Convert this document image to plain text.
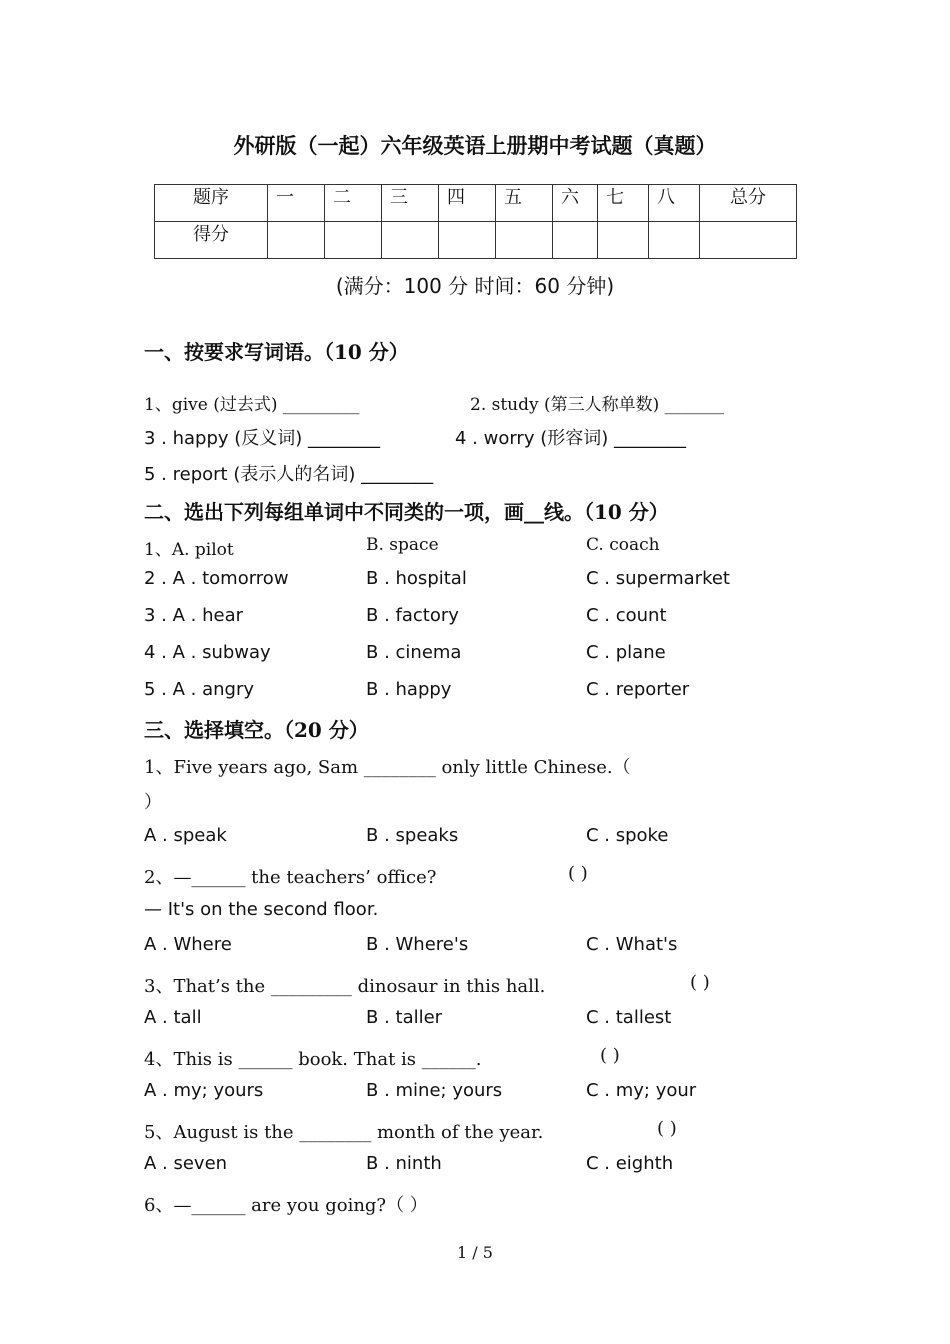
外研版（一起）六年级英语上册期中考试题（真题）
题序	一	二	三	四	五	六	七	八	总分
得分									
(满分：100 分 时间：60 分钟)
一、按要求写词语。（10 分）
1、give (过去式) _________	2. study (第三人称单数) _______
3 . happy (反义词) ________	4 . worry (形容词) ________
5 . report (表示人的名词) ________
二、选出下列每组单词中不同类的一项，画__线。（10 分）
1、A. pilot	B. space	C. coach
2 . A . tomorrow	B . hospital	C . supermarket
3 . A . hear	B . factory	C . count
4 . A . subway	B . cinema	C . plane
5 . A . angry	B . happy	C . reporter
三、选择填空。（20 分）
1、Five years ago, Sam ________ only little Chinese.（
）
A . speak	B . speaks	C . spoke
2、—______ the teachers’ office?	( )
— It's on the second floor.
A . Where	B . Where's	C . What's
3、That’s the _________ dinosaur in this hall.	( )
A . tall	B . taller	C . tallest
4、This is ______ book. That is ______.	( )
A . my; yours	B . mine; yours	C . my; your
5、August is the ________ month of the year.	( )
A . seven	B . ninth	C . eighth
6、—______ are you going?（ ）
1 / 5
